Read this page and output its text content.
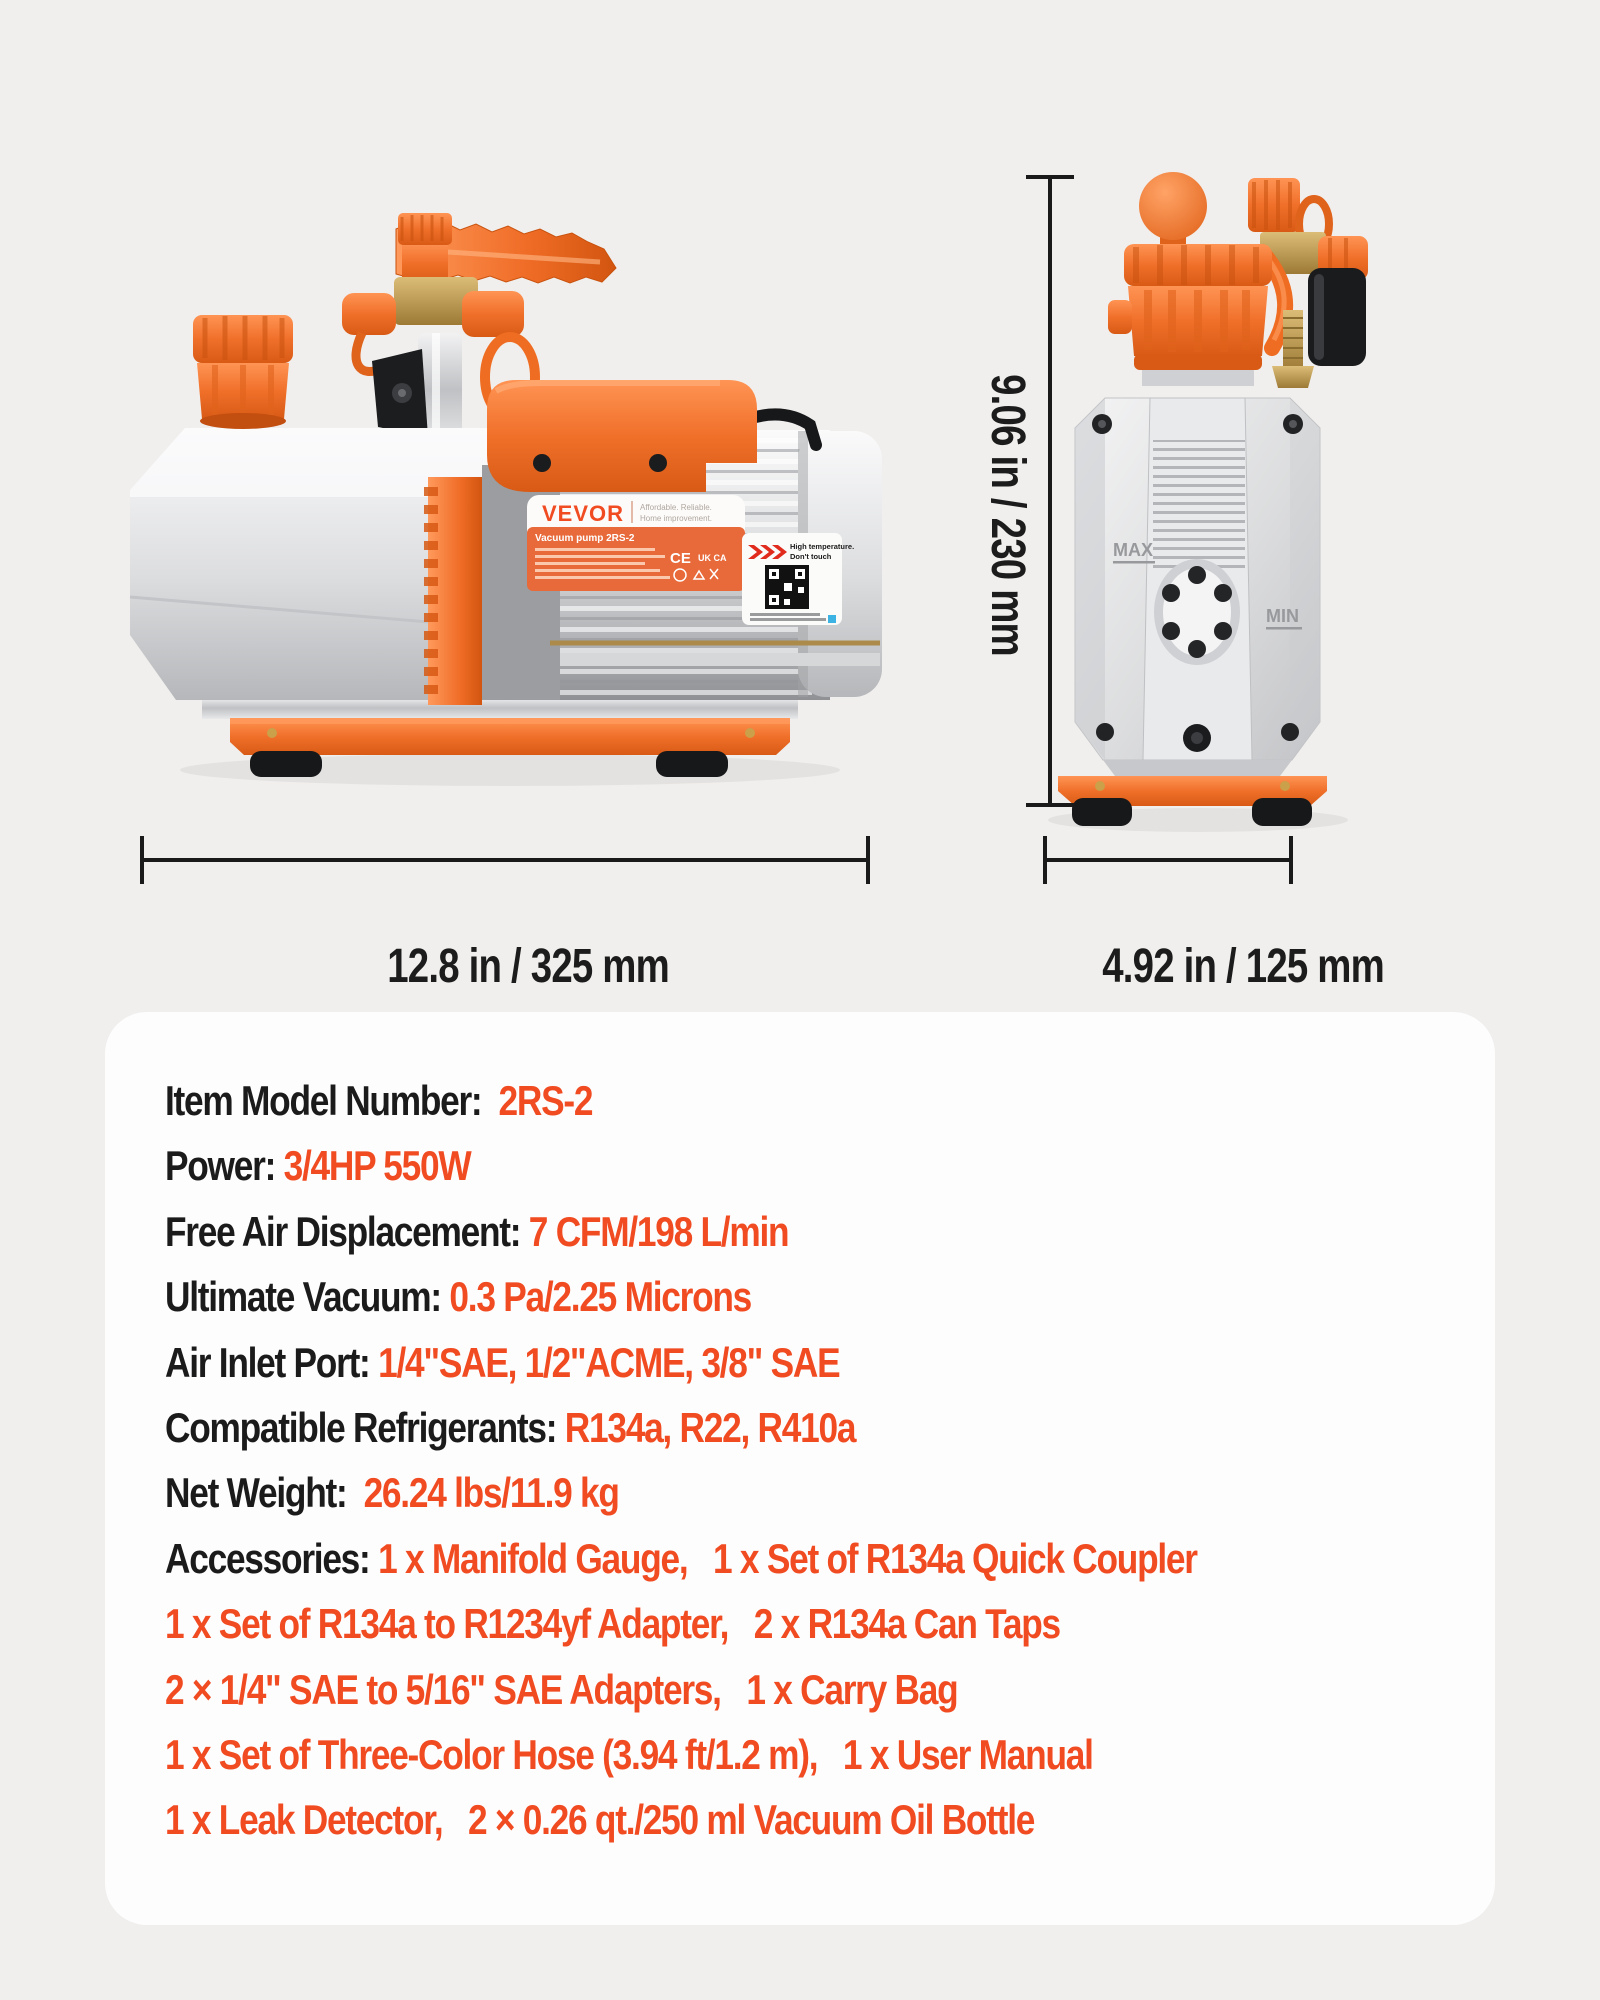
VEVOR Affordable. Reliable.
Home improvement.
Vacuum pump 2RS-2
CE UK CA
High temperature.
Don't touch	MAX
MIN

12.8 in / 325 mm

9.06 in / 230 mm

4.92 in / 125 mm

Item Model Number:  2RS-2
Power: 3/4HP 550W
Free Air Displacement: 7 CFM/198 L/min
Ultimate Vacuum: 0.3 Pa/2.25 Microns
Air Inlet Port: 1/4"SAE, 1/2"ACME, 3/8" SAE
Compatible Refrigerants: R134a, R22, R410a
Net Weight:  26.24 lbs/11.9 kg
Accessories: 1 x Manifold Gauge,   1 x Set of R134a Quick Coupler
1 x Set of R134a to R1234yf Adapter,   2 x R134a Can Taps
2 × 1/4" SAE to 5/16" SAE Adapters,   1 x Carry Bag
1 x Set of Three-Color Hose (3.94 ft/1.2 m),   1 x User Manual
1 x Leak Detector,   2 × 0.26 qt./250 ml Vacuum Oil Bottle
